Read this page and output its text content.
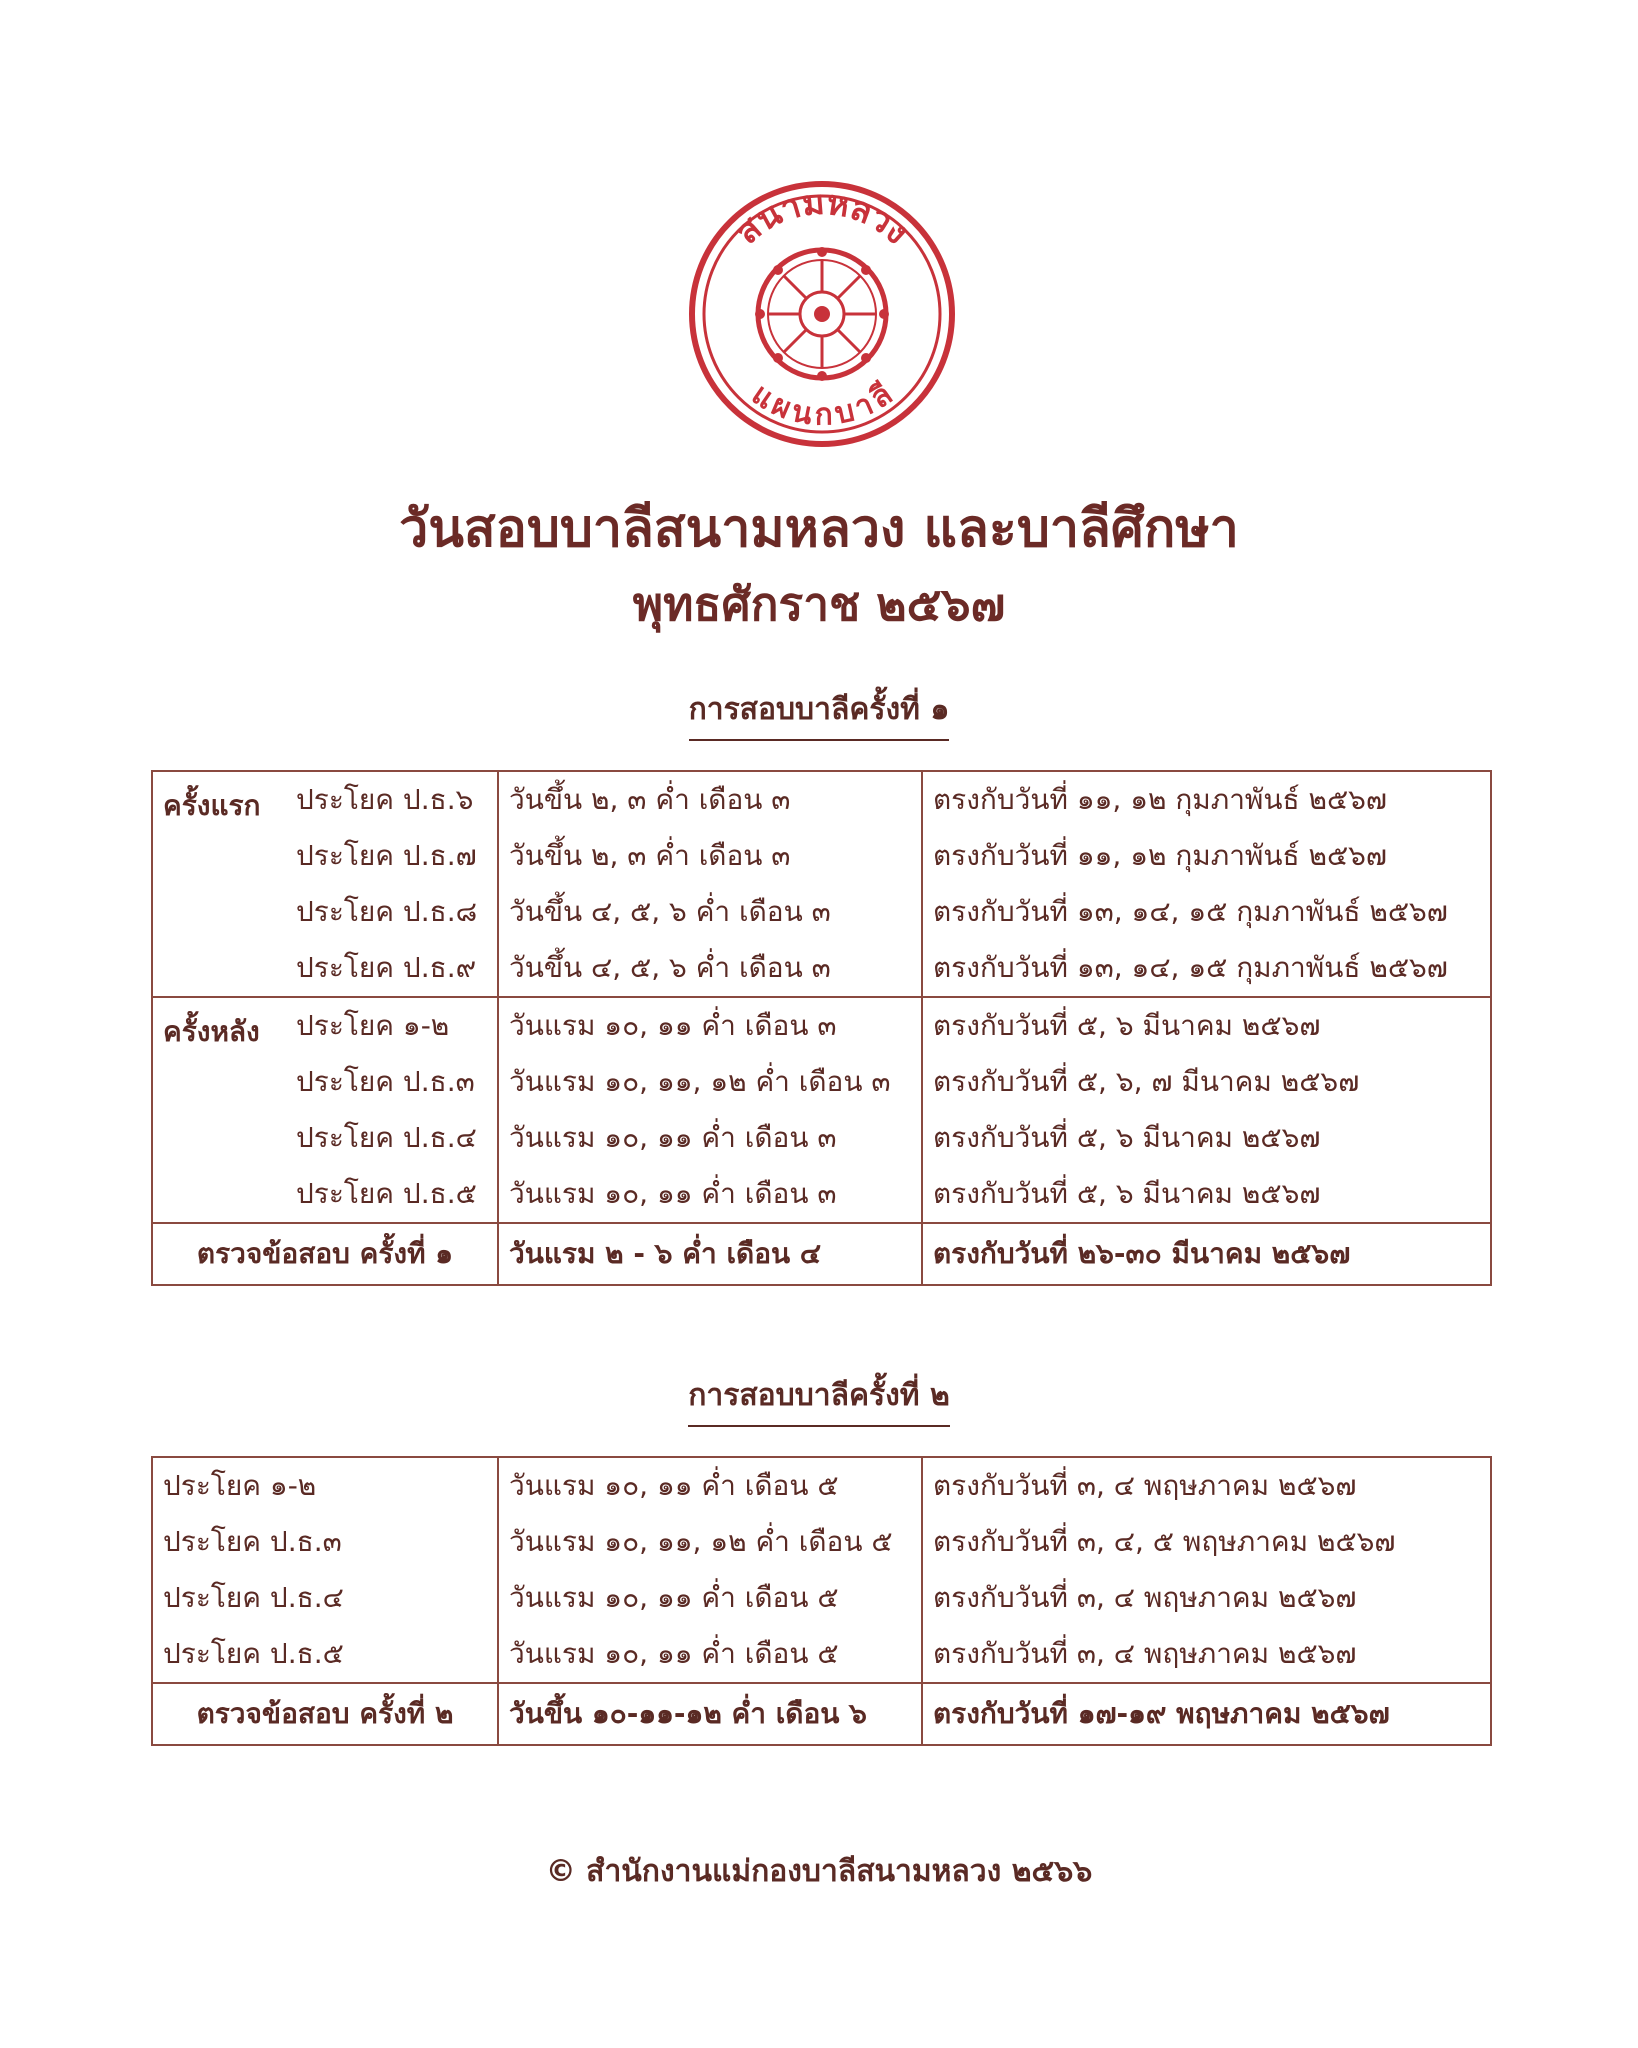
สนามหลวง
แผนกบาลี
วันสอบบาลีสนามหลวง และบาลีศึกษา
พุทธศักราช ๒๕๖๗
การสอบบาลีครั้งที่ ๑
ครั้งแรก	ประโยค ป.ธ.๖	วันขึ้น ๒, ๓ ค่ำ เดือน ๓	ตรงกับวันที่ ๑๑, ๑๒ กุมภาพันธ์ ๒๕๖๗
	ประโยค ป.ธ.๗	วันขึ้น ๒, ๓ ค่ำ เดือน ๓	ตรงกับวันที่ ๑๑, ๑๒ กุมภาพันธ์ ๒๕๖๗
	ประโยค ป.ธ.๘	วันขึ้น ๔, ๕, ๖ ค่ำ เดือน ๓	ตรงกับวันที่ ๑๓, ๑๔, ๑๕ กุมภาพันธ์ ๒๕๖๗
	ประโยค ป.ธ.๙	วันขึ้น ๔, ๕, ๖ ค่ำ เดือน ๓	ตรงกับวันที่ ๑๓, ๑๔, ๑๕ กุมภาพันธ์ ๒๕๖๗
ครั้งหลัง	ประโยค ๑-๒	วันแรม ๑๐, ๑๑ ค่ำ เดือน ๓	ตรงกับวันที่ ๕, ๖ มีนาคม ๒๕๖๗
	ประโยค ป.ธ.๓	วันแรม ๑๐, ๑๑, ๑๒ ค่ำ เดือน ๓	ตรงกับวันที่ ๕, ๖, ๗ มีนาคม ๒๕๖๗
	ประโยค ป.ธ.๔	วันแรม ๑๐, ๑๑ ค่ำ เดือน ๓	ตรงกับวันที่ ๕, ๖ มีนาคม ๒๕๖๗
	ประโยค ป.ธ.๕	วันแรม ๑๐, ๑๑ ค่ำ เดือน ๓	ตรงกับวันที่ ๕, ๖ มีนาคม ๒๕๖๗
ตรวจข้อสอบ ครั้งที่ ๑		วันแรม ๒ - ๖ ค่ำ เดือน ๔	ตรงกับวันที่ ๒๖-๓๐ มีนาคม ๒๕๖๗
การสอบบาลีครั้งที่ ๒
ประโยค ๑-๒	วันแรม ๑๐, ๑๑ ค่ำ เดือน ๕	ตรงกับวันที่ ๓, ๔ พฤษภาคม ๒๕๖๗
ประโยค ป.ธ.๓	วันแรม ๑๐, ๑๑, ๑๒ ค่ำ เดือน ๕	ตรงกับวันที่ ๓, ๔, ๕ พฤษภาคม ๒๕๖๗
ประโยค ป.ธ.๔	วันแรม ๑๐, ๑๑ ค่ำ เดือน ๕	ตรงกับวันที่ ๓, ๔ พฤษภาคม ๒๕๖๗
ประโยค ป.ธ.๕	วันแรม ๑๐, ๑๑ ค่ำ เดือน ๕	ตรงกับวันที่ ๓, ๔ พฤษภาคม ๒๕๖๗
ตรวจข้อสอบ ครั้งที่ ๒	วันขึ้น ๑๐-๑๑-๑๒ ค่ำ เดือน ๖	ตรงกับวันที่ ๑๗-๑๙ พฤษภาคม ๒๕๖๗

© สำนักงานแม่กองบาลีสนามหลวง ๒๕๖๖
